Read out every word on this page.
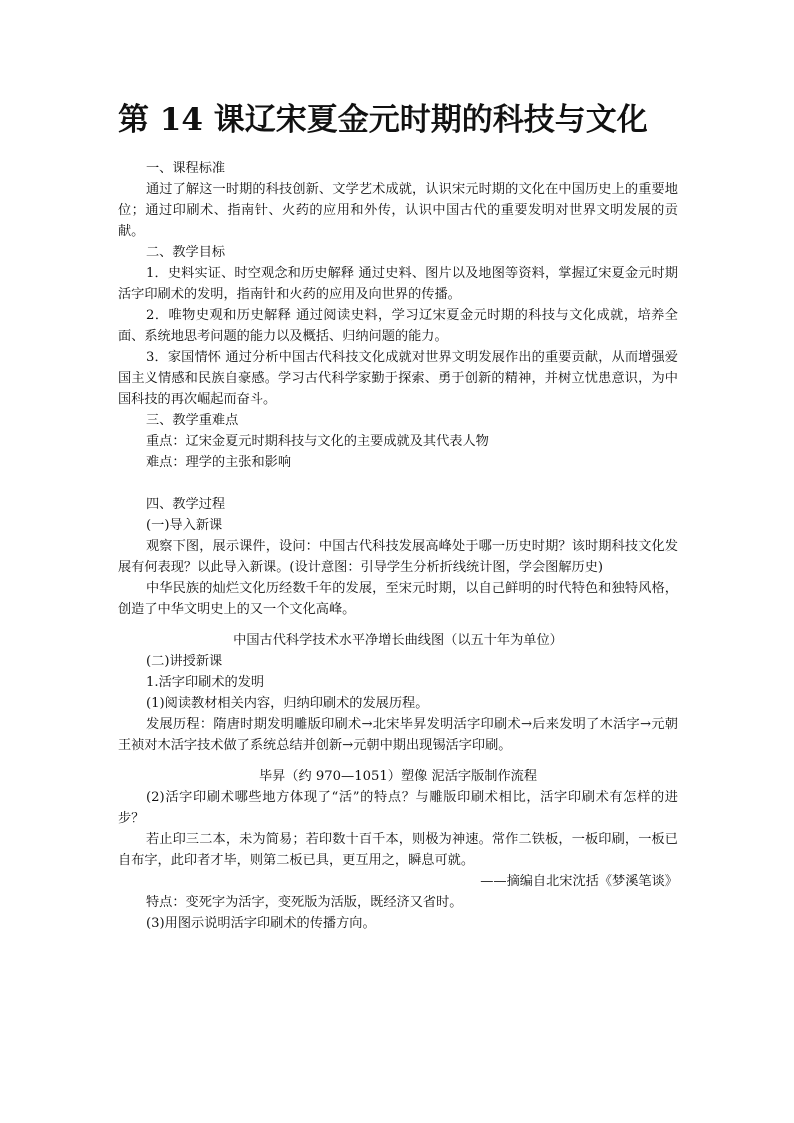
第 14 课辽宋夏金元时期的科技与文化

一、课程标准

通过了解这一时期的科技创新、文学艺术成就，认识宋元时期的文化在中国历史上的重要地位；通过印刷术、指南针、火药的应用和外传，认识中国古代的重要发明对世界文明发展的贡献。

二、教学目标

1．史料实证、时空观念和历史解释 通过史料、图片以及地图等资料，掌握辽宋夏金元时期活字印刷术的发明，指南针和火药的应用及向世界的传播。

2．唯物史观和历史解释 通过阅读史料，学习辽宋夏金元时期的科技与文化成就，培养全面、系统地思考问题的能力以及概括、归纳问题的能力。

3．家国情怀 通过分析中国古代科技文化成就对世界文明发展作出的重要贡献，从而增强爱国主义情感和民族自豪感。学习古代科学家勤于探索、勇于创新的精神，并树立忧患意识，为中国科技的再次崛起而奋斗。

三、教学重难点

重点：辽宋金夏元时期科技与文化的主要成就及其代表人物

难点：理学的主张和影响

四、教学过程

(一)导入新课

观察下图，展示课件，设问：中国古代科技发展高峰处于哪一历史时期？该时期科技文化发展有何表现？以此导入新课。(设计意图：引导学生分析折线统计图，学会图解历史)

中华民族的灿烂文化历经数千年的发展，至宋元时期，以自己鲜明的时代特色和独特风格，创造了中华文明史上的又一个文化高峰。

中国古代科学技术水平净增长曲线图（以五十年为单位）

(二)讲授新课

1.活字印刷术的发明

(1)阅读教材相关内容，归纳印刷术的发展历程。

发展历程：隋唐时期发明雕版印刷术→北宋毕昇发明活字印刷术→后来发明了木活字→元朝王祯对木活字技术做了系统总结并创新→元朝中期出现锡活字印刷。

毕昇（约 970—1051）塑像 泥活字版制作流程

(2)活字印刷术哪些地方体现了“活”的特点？与雕版印刷术相比，活字印刷术有怎样的进步？

若止印三二本，未为简易；若印数十百千本，则极为神速。常作二铁板，一板印刷，一板已自布字，此印者才毕，则第二板已具，更互用之，瞬息可就。

——摘编自北宋沈括《梦溪笔谈》

特点：变死字为活字，变死版为活版，既经济又省时。

(3)用图示说明活字印刷术的传播方向。
